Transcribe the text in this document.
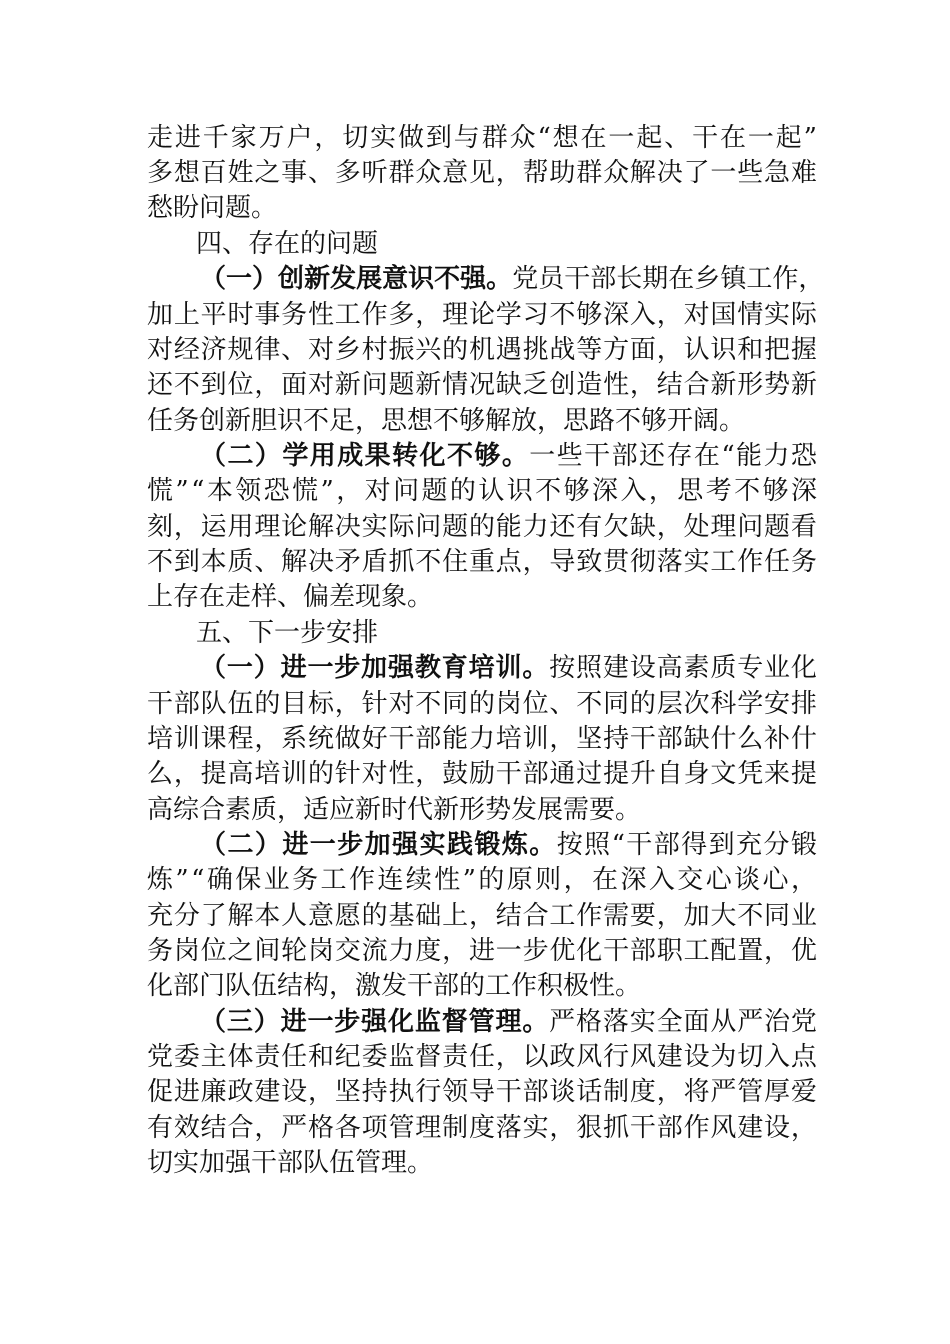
走 进 千 家 万 户 ， 切 实 做 到 与 群 众 “ 想 在 一 起 、 干 在 一 起 ”
多 想 百 姓 之 事 、 多 听 群 众 意 见 ， 帮 助 群 众 解 决 了 一 些 急 难
愁盼问题。
四、存在的问题
（ 一 ） 创 新 发 展 意 识 不 强 。 党 员 干 部 长 期 在 乡 镇 工 作 ，
加 上 平 时 事 务 性 工 作 多 ， 理 论 学 习 不 够 深 入 ， 对 国 情 实 际
对 经 济 规 律 、 对 乡 村 振 兴 的 机 遇 挑 战 等 方 面 ， 认 识 和 把 握
还 不 到 位 ， 面 对 新 问 题 新 情 况 缺 乏 创 造 性 ， 结 合 新 形 势 新
任务创新胆识不足，思想不够解放，思路不够开阔。
（ 二 ） 学 用 成 果 转 化 不 够 。 一 些 干 部 还 存 在 “ 能 力 恐
慌 ” “ 本 领 恐 慌 ” ， 对 问 题 的 认 识 不 够 深 入 ， 思 考 不 够 深
刻 ， 运 用 理 论 解 决 实 际 问 题 的 能 力 还 有 欠 缺 ， 处 理 问 题 看
不 到 本 质 、 解 决 矛 盾 抓 不 住 重 点 ， 导 致 贯 彻 落 实 工 作 任 务
上存在走样、偏差现象。
五、下一步安排
（ 一 ） 进 一 步 加 强 教 育 培 训 。 按 照 建 设 高 素 质 专 业 化
干 部 队 伍 的 目 标 ， 针 对 不 同 的 岗 位 、 不 同 的 层 次 科 学 安 排
培 训 课 程 ， 系 统 做 好 干 部 能 力 培 训 ， 坚 持 干 部 缺 什 么 补 什
么 ， 提 高 培 训 的 针 对 性 ， 鼓 励 干 部 通 过 提 升 自 身 文 凭 来 提
高综合素质，适应新时代新形势发展需要。
（ 二 ） 进 一 步 加 强 实 践 锻 炼 。 按 照 “ 干 部 得 到 充 分 锻
炼 ” “ 确 保 业 务 工 作 连 续 性 ” 的 原 则 ， 在 深 入 交 心 谈 心 ，
充 分 了 解 本 人 意 愿 的 基 础 上 ， 结 合 工 作 需 要 ， 加 大 不 同 业
务 岗 位 之 间 轮 岗 交 流 力 度 ， 进 一 步 优 化 干 部 职 工 配 置 ， 优
化部门队伍结构，激发干部的工作积极性。
（ 三 ） 进 一 步 强 化 监 督 管 理 。 严 格 落 实 全 面 从 严 治 党
党 委 主 体 责 任 和 纪 委 监 督 责 任 ， 以 政 风 行 风 建 设 为 切 入 点
促 进 廉 政 建 设 ， 坚 持 执 行 领 导 干 部 谈 话 制 度 ， 将 严 管 厚 爱
有 效 结 合 ， 严 格 各 项 管 理 制 度 落 实 ， 狠 抓 干 部 作 风 建 设 ，
切实加强干部队伍管理。
